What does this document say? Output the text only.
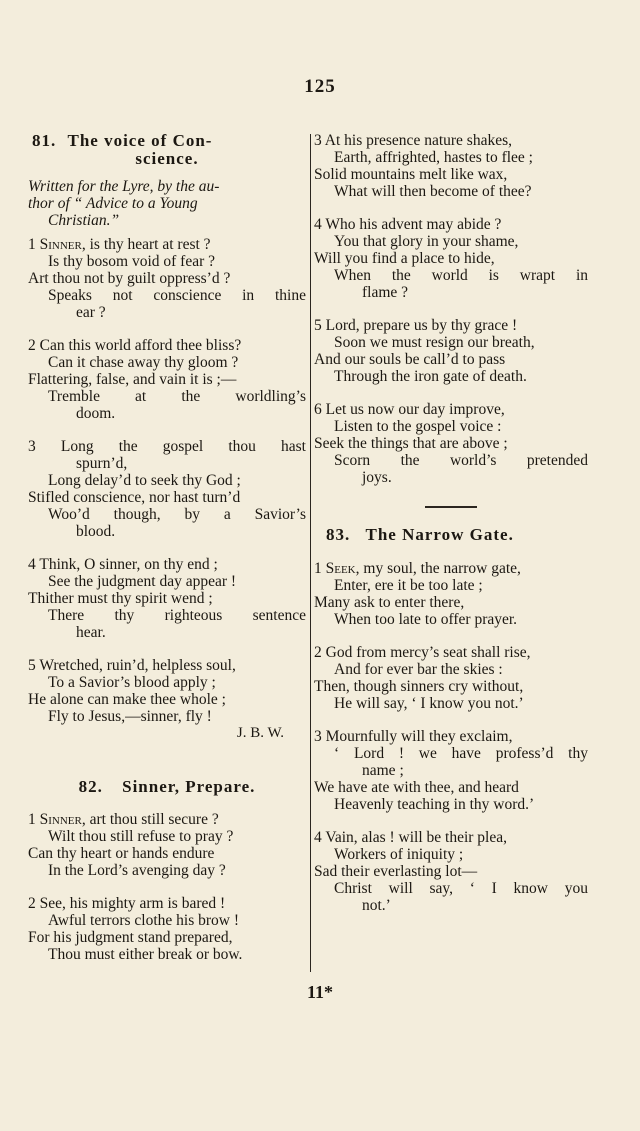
125
81. The voice of Con-
science.
Written for the Lyre, by the au-
thor of “ Advice to a Young
Christian.”
1 Sinner, is thy heart at rest ?
Is thy bosom void of fear ?
Art thou not by guilt oppress’d ?
Speaks not conscience in thine
ear ?
2 Can this world afford thee bliss?
Can it chase away thy gloom ?
Flattering, false, and vain it is ;—
Tremble at the worldling’s
doom.
3 Long the gospel thou hast
spurn’d,
Long delay’d to seek thy God ;
Stifled conscience, nor hast turn’d
Woo’d though, by a Savior’s
blood.
4 Think, O sinner, on thy end ;
See the judgment day appear !
Thither must thy spirit wend ;
There thy righteous sentence
hear.
5 Wretched, ruin’d, helpless soul,
To a Savior’s blood apply ;
He alone can make thee whole ;
Fly to Jesus,—sinner, fly !
J. B. W.
82. Sinner, Prepare.
1 Sinner, art thou still secure ?
Wilt thou still refuse to pray ?
Can thy heart or hands endure
In the Lord’s avenging day ?
2 See, his mighty arm is bared !
Awful terrors clothe his brow !
For his judgment stand prepared,
Thou must either break or bow.
3 At his presence nature shakes,
Earth, affrighted, hastes to flee ;
Solid mountains melt like wax,
What will then become of thee?
4 Who his advent may abide ?
You that glory in your shame,
Will you find a place to hide,
When the world is wrapt in
flame ?
5 Lord, prepare us by thy grace !
Soon we must resign our breath,
And our souls be call’d to pass
Through the iron gate of death.
6 Let us now our day improve,
Listen to the gospel voice :
Seek the things that are above ;
Scorn the world’s pretended
joys.
83. The Narrow Gate.
1 Seek, my soul, the narrow gate,
Enter, ere it be too late ;
Many ask to enter there,
When too late to offer prayer.
2 God from mercy’s seat shall rise,
And for ever bar the skies :
Then, though sinners cry without,
He will say, ‘ I know you not.’
3 Mournfully will they exclaim,
‘ Lord ! we have profess’d thy
name ;
We have ate with thee, and heard
Heavenly teaching in thy word.’
4 Vain, alas ! will be their plea,
Workers of iniquity ;
Sad their everlasting lot—
Christ will say, ‘ I know you
not.’
11*
